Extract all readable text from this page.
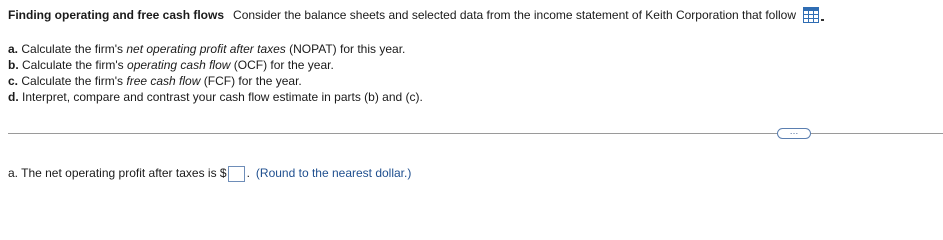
Finding operating and free cash flows Consider the balance sheets and selected data from the income statement of Keith Corporation that follow
a. Calculate the firm's net operating profit after taxes (NOPAT) for this year.
b. Calculate the firm's operating cash flow (OCF) for the year.
c. Calculate the firm's free cash flow (FCF) for the year.
d. Interpret, compare and contrast your cash flow estimate in parts (b) and (c).
…
a. The net operating profit after taxes is $ . (Round to the nearest dollar.)
